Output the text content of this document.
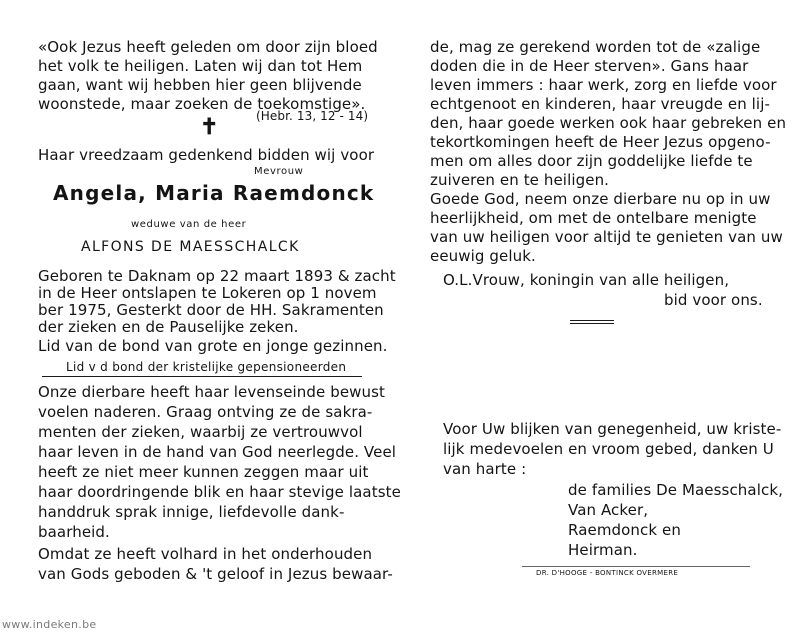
«Ook Jezus heeft geleden om door zijn bloed
het volk te heiligen. Laten wij dan tot Hem
gaan, want wij hebben hier geen blijvende
woonstede, maar zoeken de toekomstige».
(Hebr. 13, 12 - 14)
✝
Haar vreedzaam gedenkend bidden wij voor
Mevrouw
Angela, Maria Raemdonck
weduwe van de heer
ALFONS DE MAESSCHALCK
Geboren te Daknam op 22 maart 1893 & zacht
in de Heer ontslapen te Lokeren op 1 novem
ber 1975, Gesterkt door de HH. Sakramenten
der zieken en de Pauselijke zeken.
Lid van de bond van grote en jonge gezinnen.
Lid v d bond der kristelijke gepensioneerden
Onze dierbare heeft haar levenseinde bewust
voelen naderen. Graag ontving ze de sakra-
menten der zieken, waarbij ze vertrouwvol
haar leven in de hand van God neerlegde. Veel
heeft ze niet meer kunnen zeggen maar uit
haar doordringende blik en haar stevige laatste
handdruk sprak innige, liefdevolle dank-
baarheid.
Omdat ze heeft volhard in het onderhouden
van Gods geboden & 't geloof in Jezus bewaar-
de, mag ze gerekend worden tot de «zalige
doden die in de Heer sterven». Gans haar
leven immers : haar werk, zorg en liefde voor
echtgenoot en kinderen, haar vreugde en lij-
den, haar goede werken ook haar gebreken en
tekortkomingen heeft de Heer Jezus opgeno-
men om alles door zijn goddelijke liefde te
zuiveren en te heiligen.
Goede God, neem onze dierbare nu op in uw
heerlijkheid, om met de ontelbare menigte
van uw heiligen voor altijd te genieten van uw
eeuwig geluk.
O.L.Vrouw, koningin van alle heiligen,
bid voor ons.
Voor Uw blijken van genegenheid, uw kriste-
lijk medevoelen en vroom gebed, danken U
van harte :
de families De Maesschalck,
Van Acker,
Raemdonck en
Heirman.
DR. D'HOOGE - BONTINCK OVERMERE
www.indeken.be
